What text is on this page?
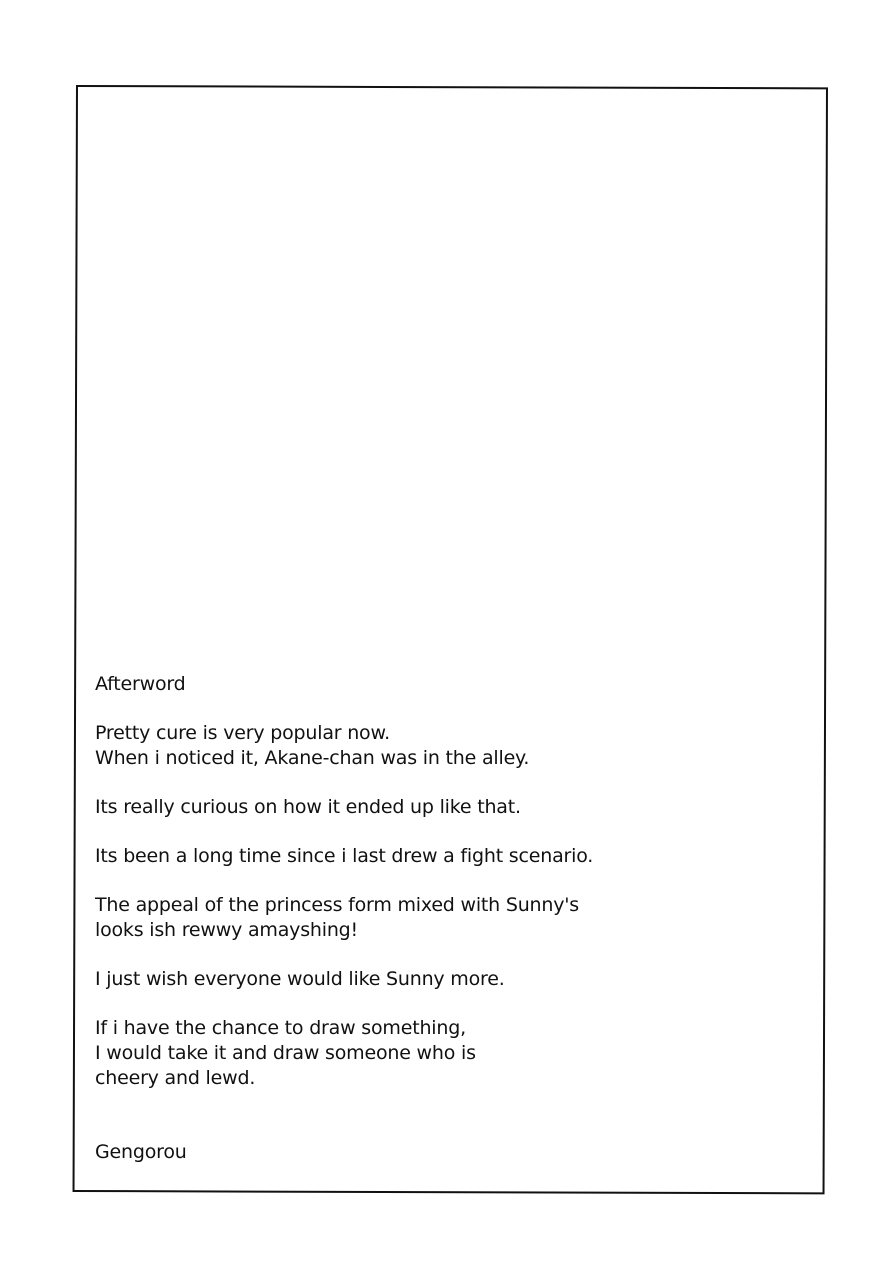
Afterword

Pretty cure is very popular now.
When i noticed it, Akane-chan was in the alley.

Its really curious on how it ended up like that.

Its been a long time since i last drew a fight scenario.

The appeal of the princess form mixed with Sunny's
looks ish rewwy amayshing!

I just wish everyone would like Sunny more.

If i have the chance to draw something,
I would take it and draw someone who is
cheery and lewd.

Gengorou
